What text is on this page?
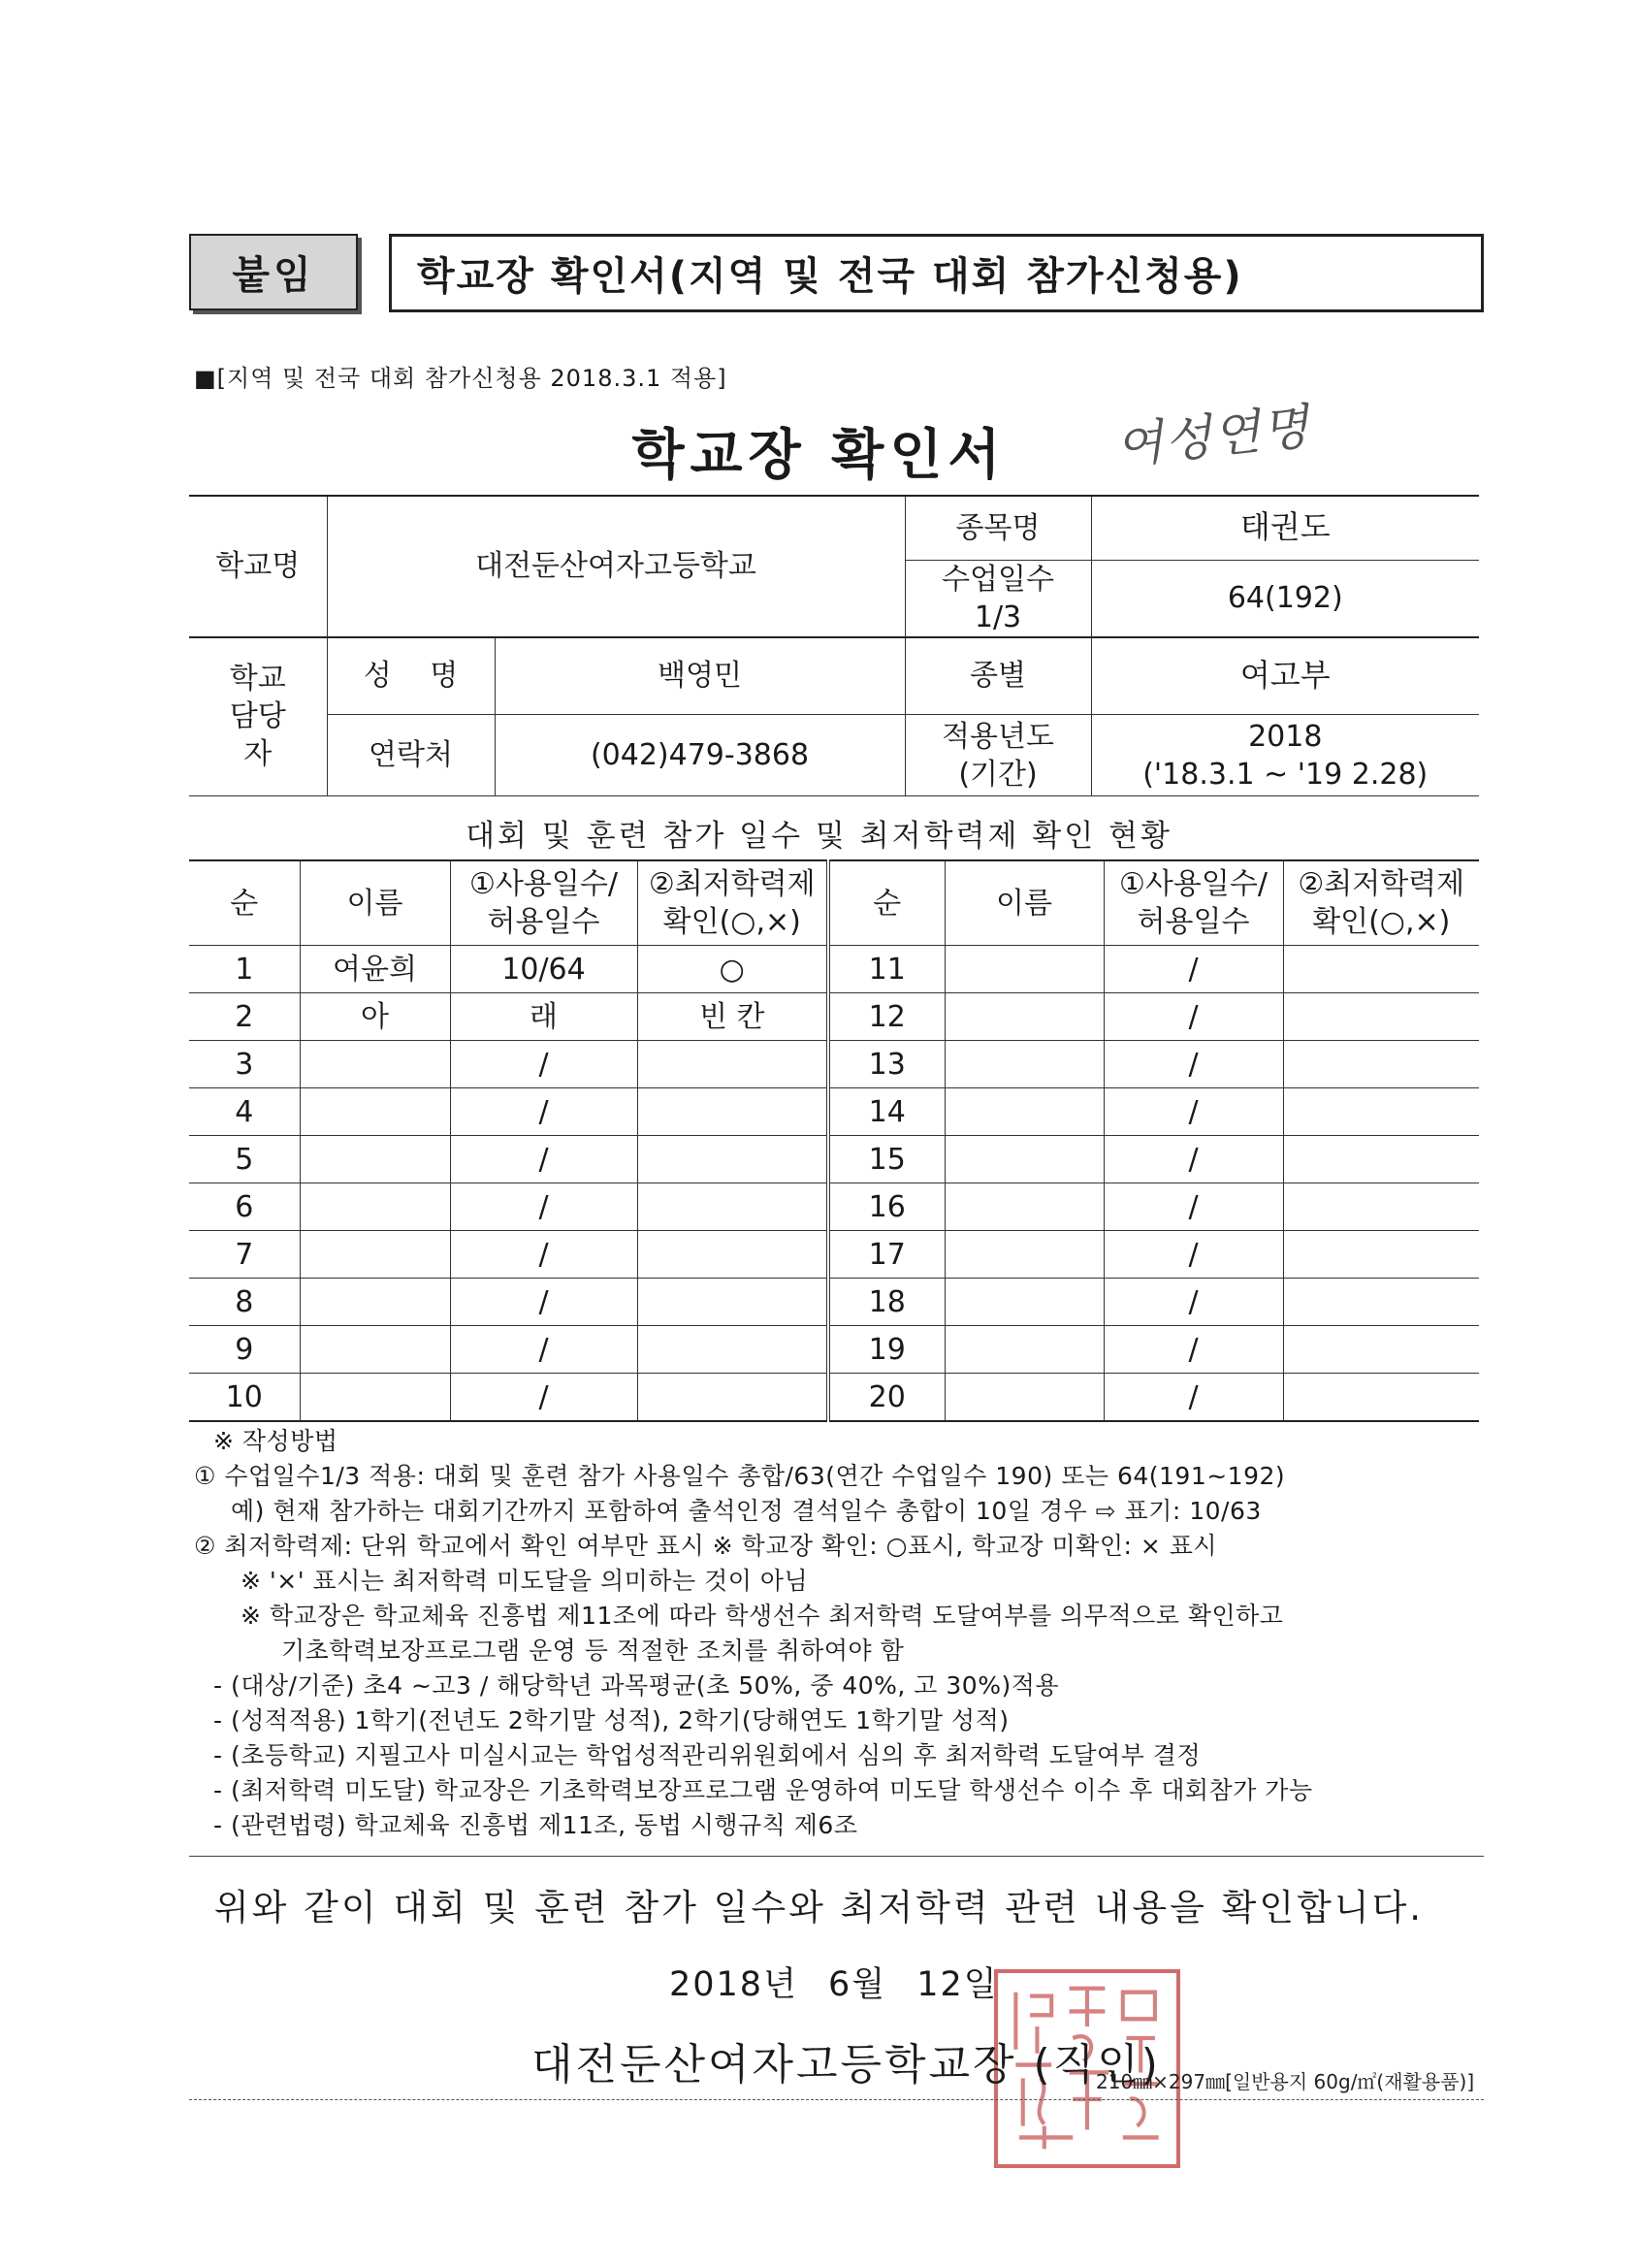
붙임	학교장 확인서(지역 및 전국 대회 참가신청용)
■[지역 및 전국 대회 참가신청용 2018.3.1 적용]
학교장 확인서	여성연명
학교명	대전둔산여자고등학교		종목명	태권도

			수업일수 1/3	64(192)

학교 담당자	성 명	백영민	종별	여고부
	연락처	(042)479-3868	적용년도 (기간)	2018
('18.3.1 ~ '19 2.28)
대회 및 훈련 참가 일수 및 최저학력제 확인 현황
순	이름	①사용일수/ 허용일수	②최저학력제 확인(○,×)	순	이름	①사용일수/ 허용일수	②최저학력제 확인(○,×)

1	여윤희	10/64	○	11		/	
2	아	래	빈 칸	12		/	
3		/		13		/	
4		/		14		/	
5		/		15		/	
6		/		16		/	
7		/		17		/	
8		/		18		/	
9		/		19		/	
10		/		20		/	
※ 작성방법
① 수업일수1/3 적용: 대회 및 훈련 참가 사용일수 총합/63(연간 수업일수 190) 또는 64(191~192)
예) 현재 참가하는 대회기간까지 포함하여 출석인정 결석일수 총합이 10일 경우 ⇨ 표기: 10/63
② 최저학력제: 단위 학교에서 확인 여부만 표시 ※ 학교장 확인: ○표시, 학교장 미확인: × 표시
※ '×' 표시는 최저학력 미도달을 의미하는 것이 아님
※ 학교장은 학교체육 진흥법 제11조에 따라 학생선수 최저학력 도달여부를 의무적으로 확인하고
기초학력보장프로그램 운영 등 적절한 조치를 취하여야 함
- (대상/기준) 초4 ~고3 / 해당학년 과목평균(초 50%, 중 40%, 고 30%)적용
- (성적적용) 1학기(전년도 2학기말 성적), 2학기(당해연도 1학기말 성적)
- (초등학교) 지필고사 미실시교는 학업성적관리위원회에서 심의 후 최저학력 도달여부 결정
- (최저학력 미도달) 학교장은 기초학력보장프로그램 운영하여 미도달 학생선수 이수 후 대회참가 가능
- (관련법령) 학교체육 진흥법 제11조, 동법 시행규칙 제6조
위와 같이 대회 및 훈련 참가 일수와 최저학력 관련 내용을 확인합니다.
2018년 6월 12일
대전둔산여자고등학교장 (직인)
210㎜×297㎜[일반용지 60g/㎡(재활용품)]
